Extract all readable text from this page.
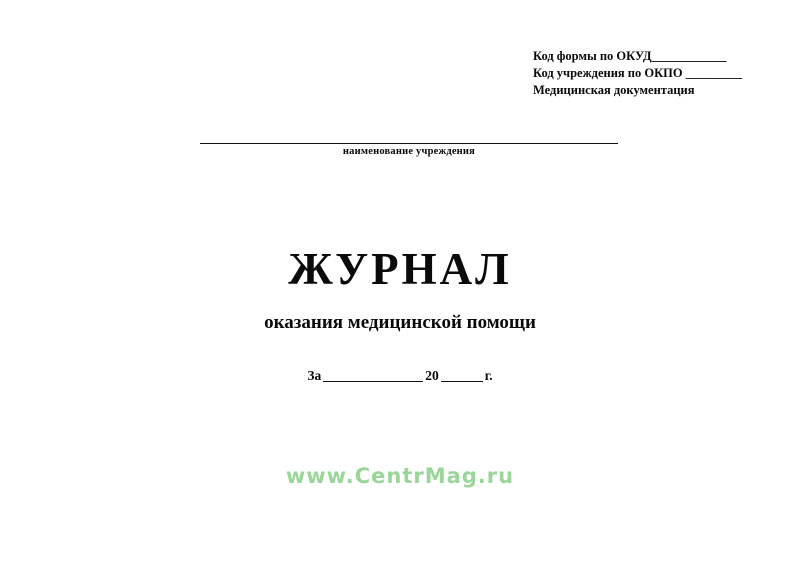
Код формы по ОКУД____________
Код учреждения по ОКПО _________
Медицинская документация
наименование учреждения
ЖУРНАЛ
оказания медицинской помощи
За	20	г.
www.CentrMag.ru
